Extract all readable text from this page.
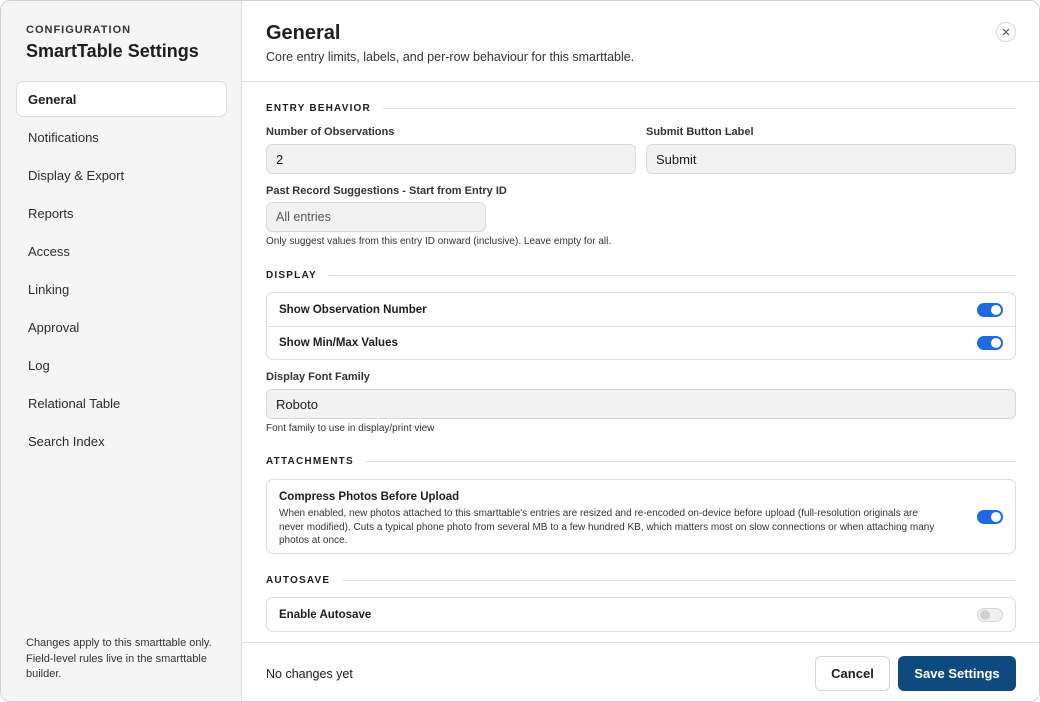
CONFIGURATION
SmartTable Settings
General
Notifications
Display & Export
Reports
Access
Linking
Approval
Log
Relational Table
Search Index
Changes apply to this smarttable only. Field-level rules live in the smarttable builder.
General
Core entry limits, labels, and per-row behaviour for this smarttable.
ENTRY BEHAVIOR
Number of Observations
2
Submit Button Label
Submit
Past Record Suggestions - Start from Entry ID
All entries
Only suggest values from this entry ID onward (inclusive). Leave empty for all.
DISPLAY
Show Observation Number
Show Min/Max Values
Display Font Family
Roboto
Font family to use in display/print view
ATTACHMENTS
Compress Photos Before Upload
When enabled, new photos attached to this smarttable's entries are resized and re-encoded on-device before upload (full-resolution originals are never modified). Cuts a typical phone photo from several MB to a few hundred KB, which matters most on slow connections or when attaching many photos at once.
AUTOSAVE
Enable Autosave
No changes yet	Cancel	Save Settings
